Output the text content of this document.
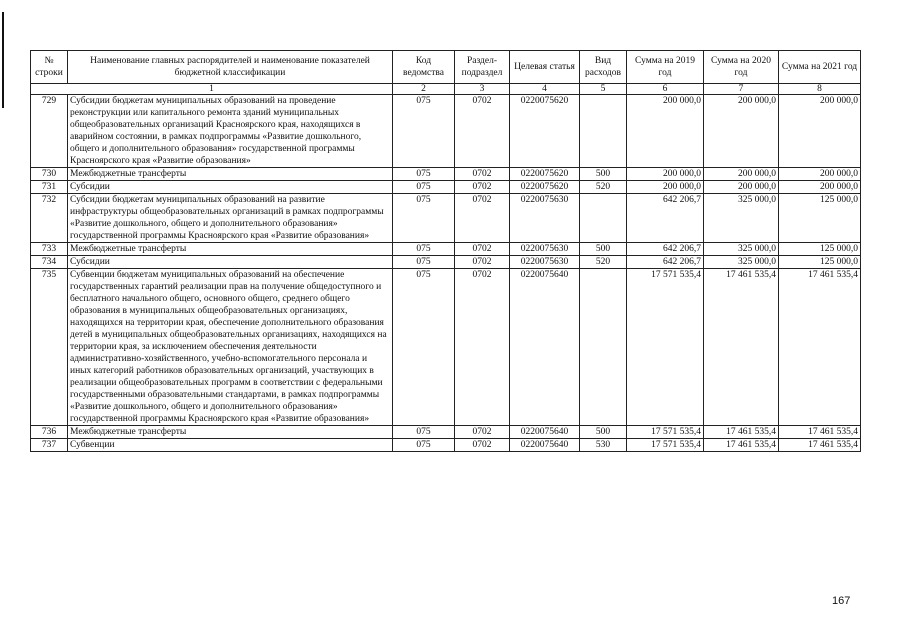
№ строки	Наименование главных распорядителей и наименование показателей бюджетной классификации	Код ведомства	Раздел-подраздел	Целевая статья	Вид расходов	Сумма на 2019 год	Сумма на 2020 год	Сумма на 2021 год
1		2	3	4	5	6	7	8
729	Субсидии бюджетам муниципальных образований на проведение реконструкции или капитального ремонта зданий муниципальных общеобразовательных организаций Красноярского края, находящихся в аварийном состоянии, в рамках подпрограммы «Развитие дошкольного, общего и дополнительного образования» государственной программы Красноярского края «Развитие образования»	075	0702	0220075620		200 000,0	200 000,0	200 000,0
730	Межбюджетные трансферты	075	0702	0220075620	500	200 000,0	200 000,0	200 000,0
731	Субсидии	075	0702	0220075620	520	200 000,0	200 000,0	200 000,0
732	Субсидии бюджетам муниципальных образований на развитие инфраструктуры общеобразовательных организаций в рамках подпрограммы «Развитие дошкольного, общего и дополнительного образования» государственной программы Красноярского края «Развитие образования»	075	0702	0220075630		642 206,7	325 000,0	125 000,0
733	Межбюджетные трансферты	075	0702	0220075630	500	642 206,7	325 000,0	125 000,0
734	Субсидии	075	0702	0220075630	520	642 206,7	325 000,0	125 000,0
735	Субвенции бюджетам муниципальных образований на обеспечение государственных гарантий реализации прав на получение общедоступного и бесплатного начального общего, основного общего, среднего общего образования в муниципальных общеобразовательных организациях, находящихся на территории края, обеспечение дополнительного образования детей в муниципальных общеобразовательных организациях, находящихся на территории края, за исключением обеспечения деятельности административно-хозяйственного, учебно-вспомогательного персонала и иных категорий работников образовательных организаций, участвующих в реализации общеобразовательных программ в соответствии с федеральными государственными образовательными стандартами, в рамках подпрограммы «Развитие дошкольного, общего и дополнительного образования» государственной программы Красноярского края «Развитие образования»	075	0702	0220075640		17 571 535,4	17 461 535,4	17 461 535,4
736	Межбюджетные трансферты	075	0702	0220075640	500	17 571 535,4	17 461 535,4	17 461 535,4
737	Субвенции	075	0702	0220075640	530	17 571 535,4	17 461 535,4	17 461 535,4
167
